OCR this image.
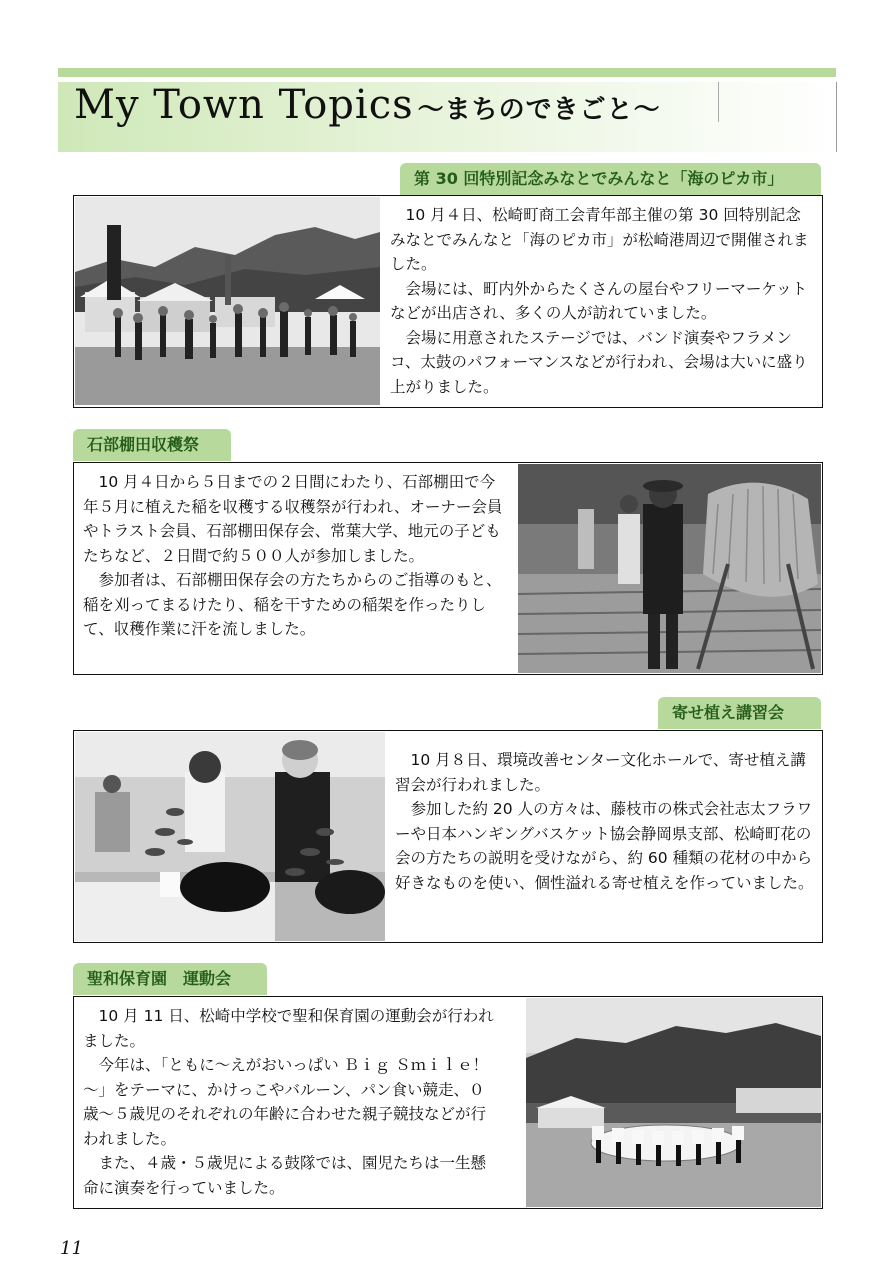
My Town Topics ～まちのできごと～
第 30 回特別記念みなとでみんなと「海のピカ市」

10 月４日、松崎町商工会青年部主催の第 30 回特別記念みなとでみんなと「海のピカ市」が松崎港周辺で開催されました。

会場には、町内外からたくさんの屋台やフリーマーケットなどが出店され、多くの人が訪れていました。

会場に用意されたステージでは、バンド演奏やフラメンコ、太鼓のパフォーマンスなどが行われ、会場は大いに盛り上がりました。

石部棚田収穫祭

10 月４日から５日までの２日間にわたり、石部棚田で今年５月に植えた稲を収穫する収穫祭が行われ、オーナー会員やトラスト会員、石部棚田保存会、常葉大学、地元の子どもたちなど、２日間で約５００人が参加しました。

参加者は、石部棚田保存会の方たちからのご指導のもと、稲を刈ってまるけたり、稲を干すための稲架を作ったりして、収穫作業に汗を流しました。

寄せ植え講習会

10 月８日、環境改善センター文化ホールで、寄せ植え講習会が行われました。

参加した約 20 人の方々は、藤枝市の株式会社志太フラワーや日本ハンギングバスケット協会静岡県支部、松崎町花の会の方たちの説明を受けながら、約 60 種類の花材の中から好きなものを使い、個性溢れる寄せ植えを作っていました。

聖和保育園　運動会

10 月 11 日、松崎中学校で聖和保育園の運動会が行われました。

今年は、「ともに～えがおいっぱい Ｂｉｇ Ｓｍｉｌｅ！～」をテーマに、かけっこやバルーン、パン食い競走、０歳～５歳児のそれぞれの年齢に合わせた親子競技などが行われました。

また、４歳・５歳児による鼓隊では、園児たちは一生懸命に演奏を行っていました。

11
